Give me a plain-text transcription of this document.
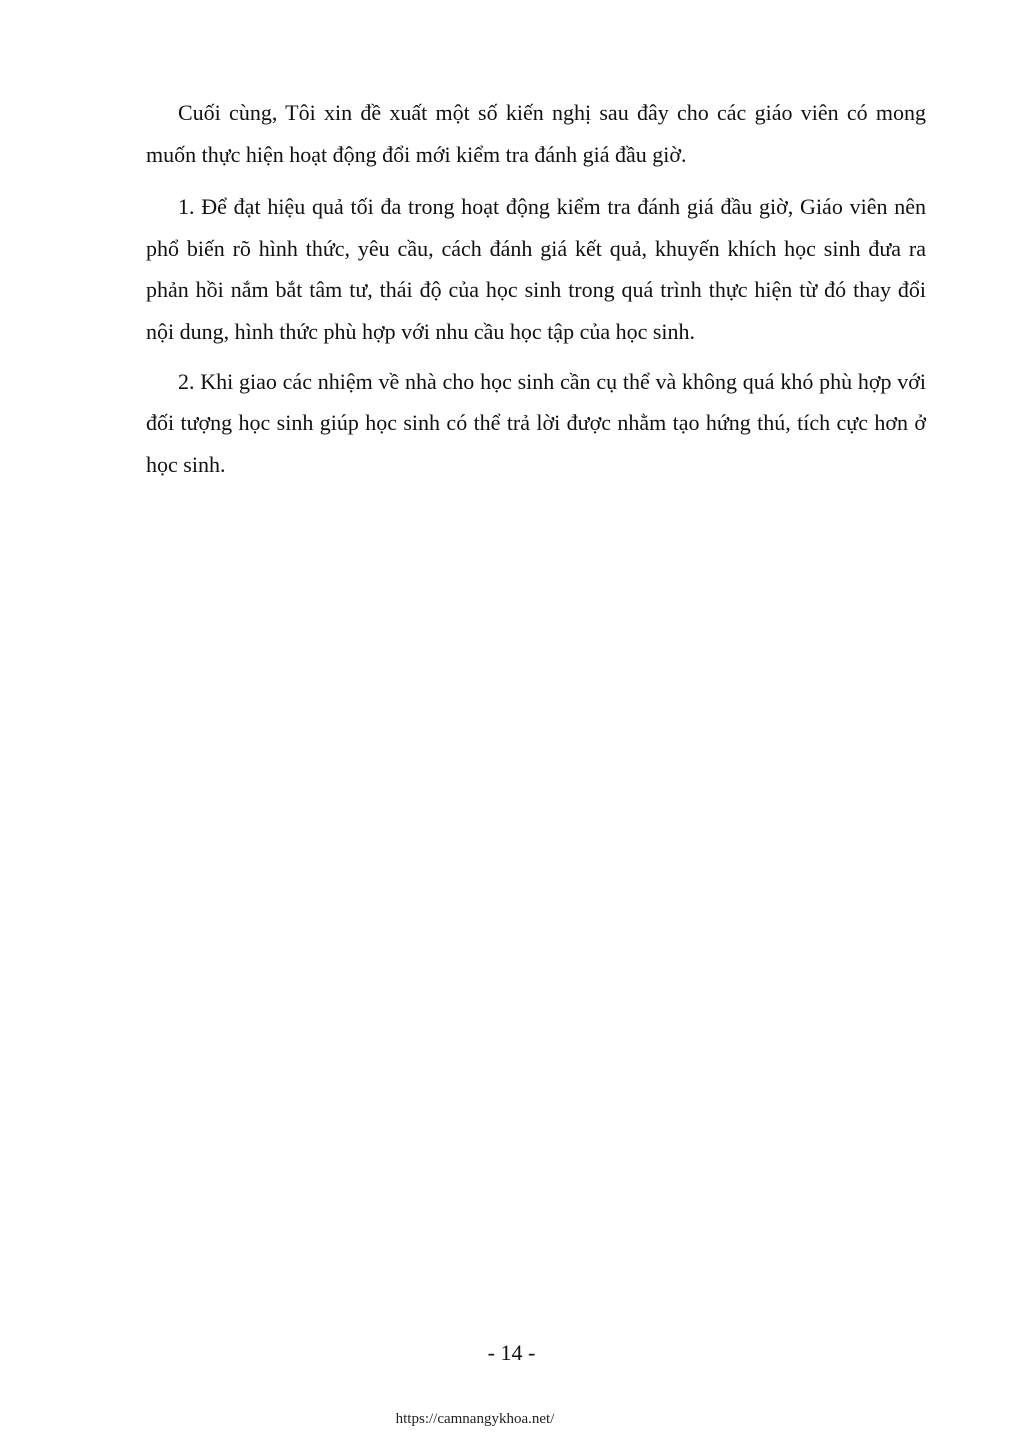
Cuối cùng, Tôi xin đề xuất một số kiến nghị sau đây cho các giáo viên có mong muốn thực hiện hoạt động đổi mới kiểm tra đánh giá đầu giờ.

1. Để đạt hiệu quả tối đa trong hoạt động kiểm tra đánh giá đầu giờ, Giáo viên nên phổ biến rõ hình thức, yêu cầu, cách đánh giá kết quả, khuyến khích học sinh đưa ra phản hồi nắm bắt tâm tư, thái độ của học sinh trong quá trình thực hiện từ đó thay đổi nội dung, hình thức phù hợp với nhu cầu học tập của học sinh.

2. Khi giao các nhiệm về nhà cho học sinh cần cụ thể và không quá khó phù hợp với đối tượng học sinh giúp học sinh có thể trả lời được nhằm tạo hứng thú, tích cực hơn ở học sinh.

- 14 -
https://camnangykhoa.net/
